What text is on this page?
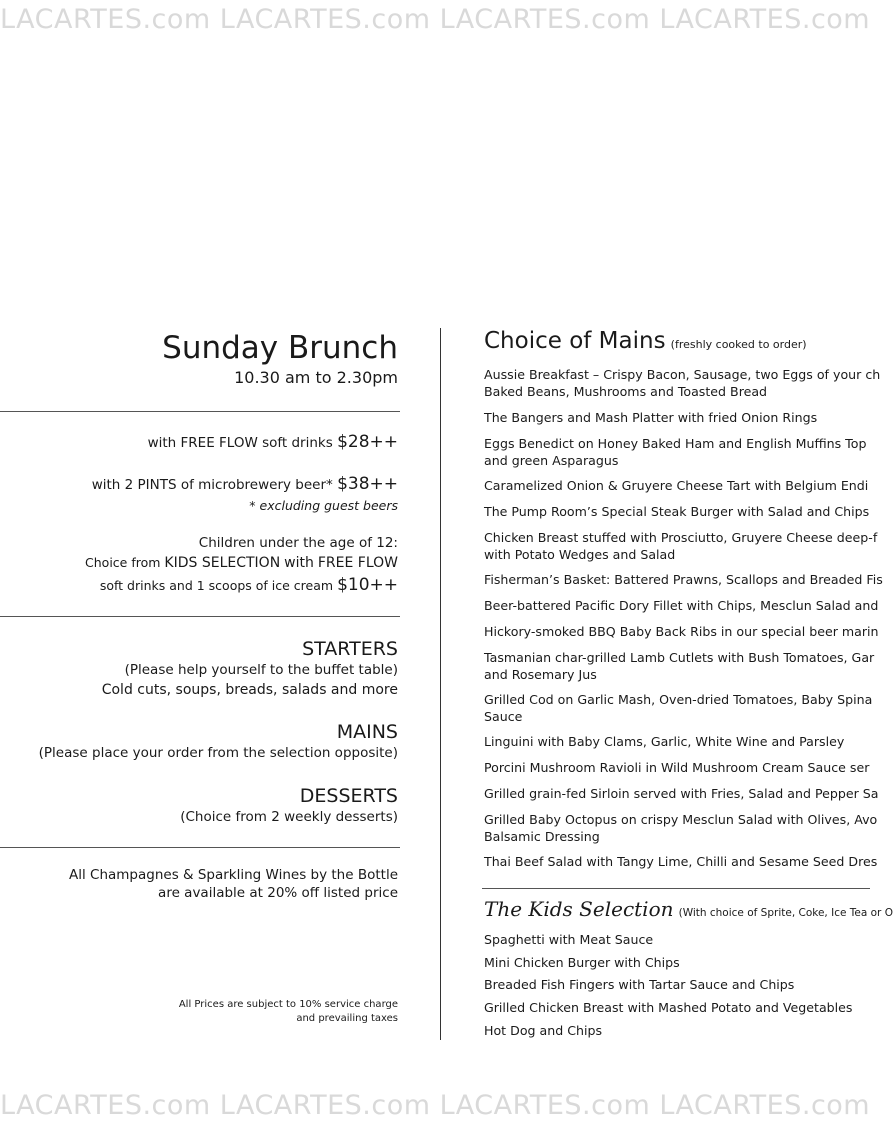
LACARTES.com LACARTES.com LACARTES.com LACARTES.com
LACARTES.com LACARTES.com LACARTES.com LACARTES.com
Sunday Brunch
10.30 am to 2.30pm
with FREE FLOW soft drinks $28++
with 2 PINTS of microbrewery beer* $38++
* excluding guest beers
Children under the age of 12:
Choice from KIDS SELECTION with FREE FLOW
soft drinks and 1 scoops of ice cream $10++
STARTERS
(Please help yourself to the buffet table)
Cold cuts, soups, breads, salads and more
MAINS
(Please place your order from the selection opposite)
DESSERTS
(Choice from 2 weekly desserts)
All Champagnes & Sparkling Wines by the Bottle
are available at 20% off listed price
All Prices are subject to 10% service charge
and prevailing taxes
Choice of Mains (freshly cooked to order)
Aussie Breakfast – Crispy Bacon, Sausage, two Eggs of your ch
Baked Beans, Mushrooms and Toasted Bread
The Bangers and Mash Platter with fried Onion Rings
Eggs Benedict on Honey Baked Ham and English Muffins Top
and green Asparagus
Caramelized Onion & Gruyere Cheese Tart with Belgium Endi
The Pump Room’s Special Steak Burger with Salad and Chips
Chicken Breast stuffed with Prosciutto, Gruyere Cheese deep-f
with Potato Wedges and Salad
Fisherman’s Basket: Battered Prawns, Scallops and Breaded Fis
Beer-battered Pacific Dory Fillet with Chips, Mesclun Salad and
Hickory-smoked BBQ Baby Back Ribs in our special beer marin
Tasmanian char-grilled Lamb Cutlets with Bush Tomatoes, Gar
and Rosemary Jus
Grilled Cod on Garlic Mash, Oven-dried Tomatoes, Baby Spina
Sauce
Linguini with Baby Clams, Garlic, White Wine and Parsley
Porcini Mushroom Ravioli in Wild Mushroom Cream Sauce ser
Grilled grain-fed Sirloin served with Fries, Salad and Pepper Sa
Grilled Baby Octopus on crispy Mesclun Salad with Olives, Avo
Balsamic Dressing
Thai Beef Salad with Tangy Lime, Chilli and Sesame Seed Dres
The Kids Selection (With choice of Sprite, Coke, Ice Tea or O
Spaghetti with Meat Sauce
Mini Chicken Burger with Chips
Breaded Fish Fingers with Tartar Sauce and Chips
Grilled Chicken Breast with Mashed Potato and Vegetables
Hot Dog and Chips
